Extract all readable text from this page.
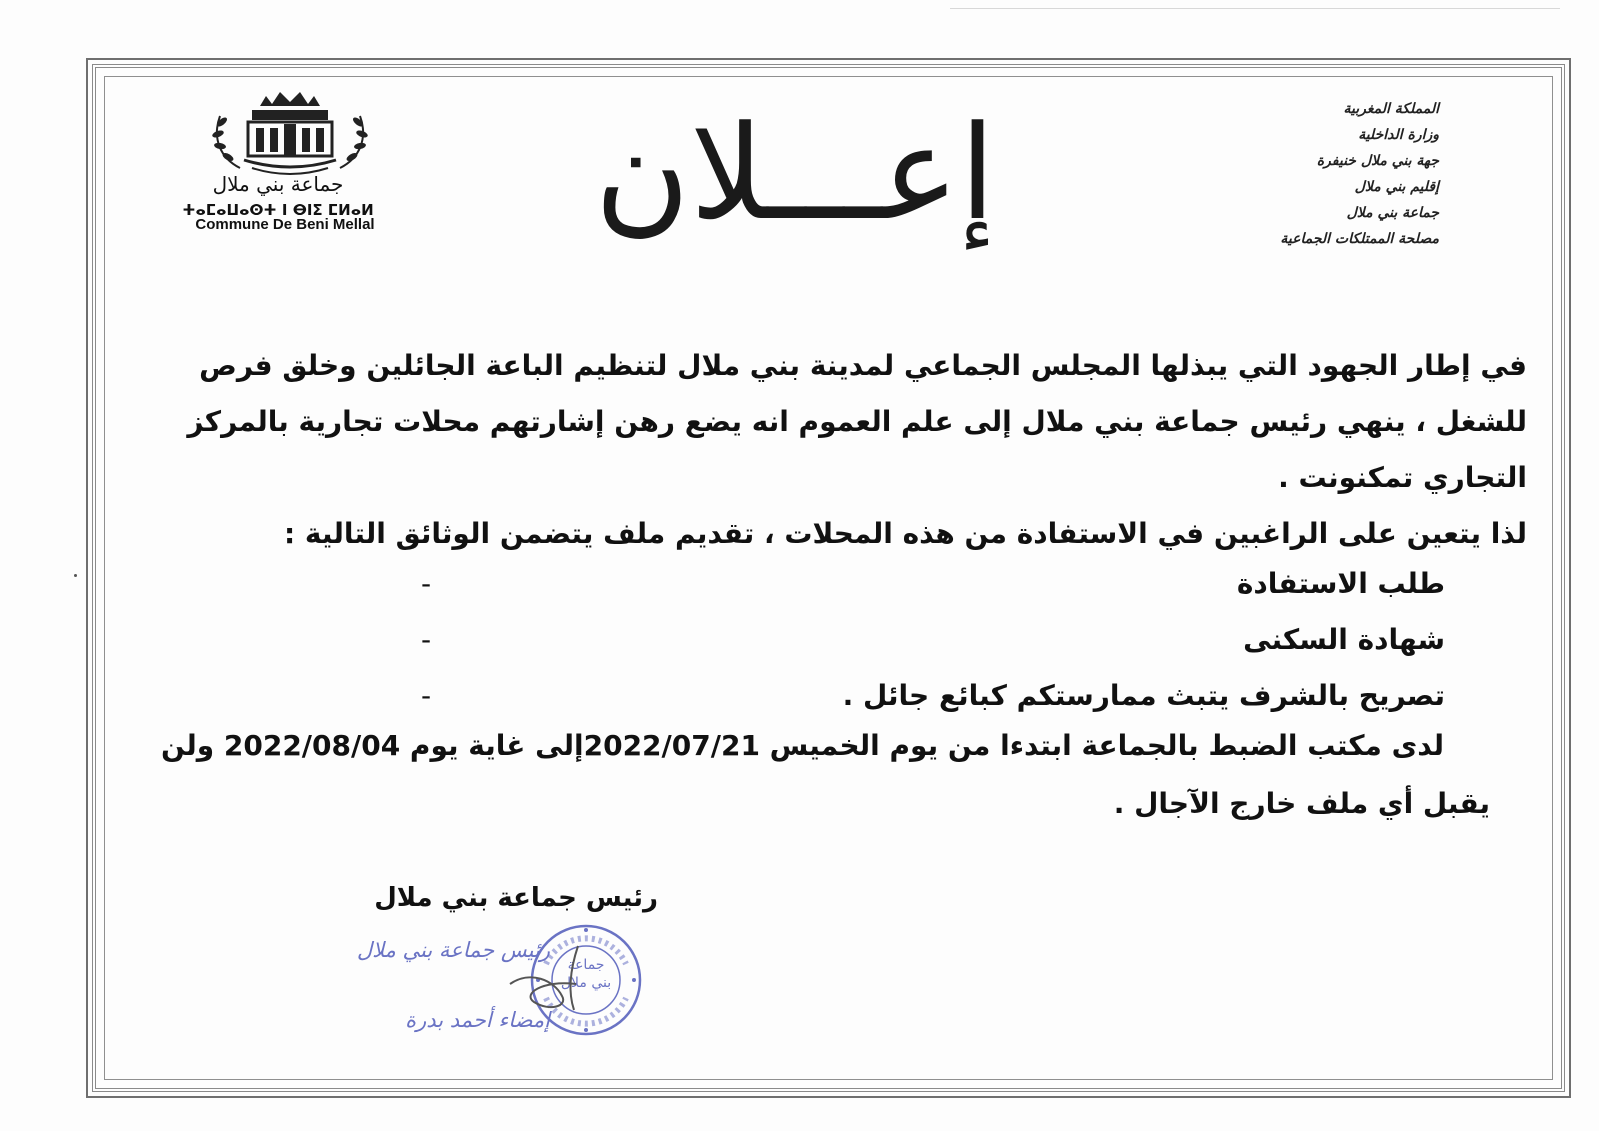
المملكة المغربية
وزارة الداخلية
جهة بني ملال خنيفرة
إقليم بني ملال
جماعة بني ملال
مصلحة الممتلكات الجماعية
إعـــلان
جماعة بني ملال
ⵜⴰⵎⴰⵡⴰⵙⵜ ⵏ ⴱⵏⵉ ⵎⵍⴰⵍ
Commune De Beni Mellal
في إطار الجهود التي يبذلها المجلس الجماعي لمدينة بني ملال لتنظيم الباعة الجائلين وخلق فرص
للشغل ، ينهي رئيس جماعة بني ملال إلى علم العموم انه يضع رهن إشارتهم محلات تجارية بالمركز
التجاري تمكنونت .
لذا يتعين على الراغبين في الاستفادة من هذه المحلات ، تقديم ملف يتضمن الوثائق التالية :
طلب الاستفادة
-
شهادة السكنى
-
تصريح بالشرف يتبث ممارستكم كبائع جائل .
-
لدى مكتب الضبط بالجماعة ابتدءا من يوم الخميس 2022/07/21إلى غاية يوم 2022/08/04 ولن
يقبل أي ملف خارج الآجال .
رئيس جماعة بني ملال
جماعة بني ملال
رئيس جماعة بني ملال
إمضاء أحمد بدرة
